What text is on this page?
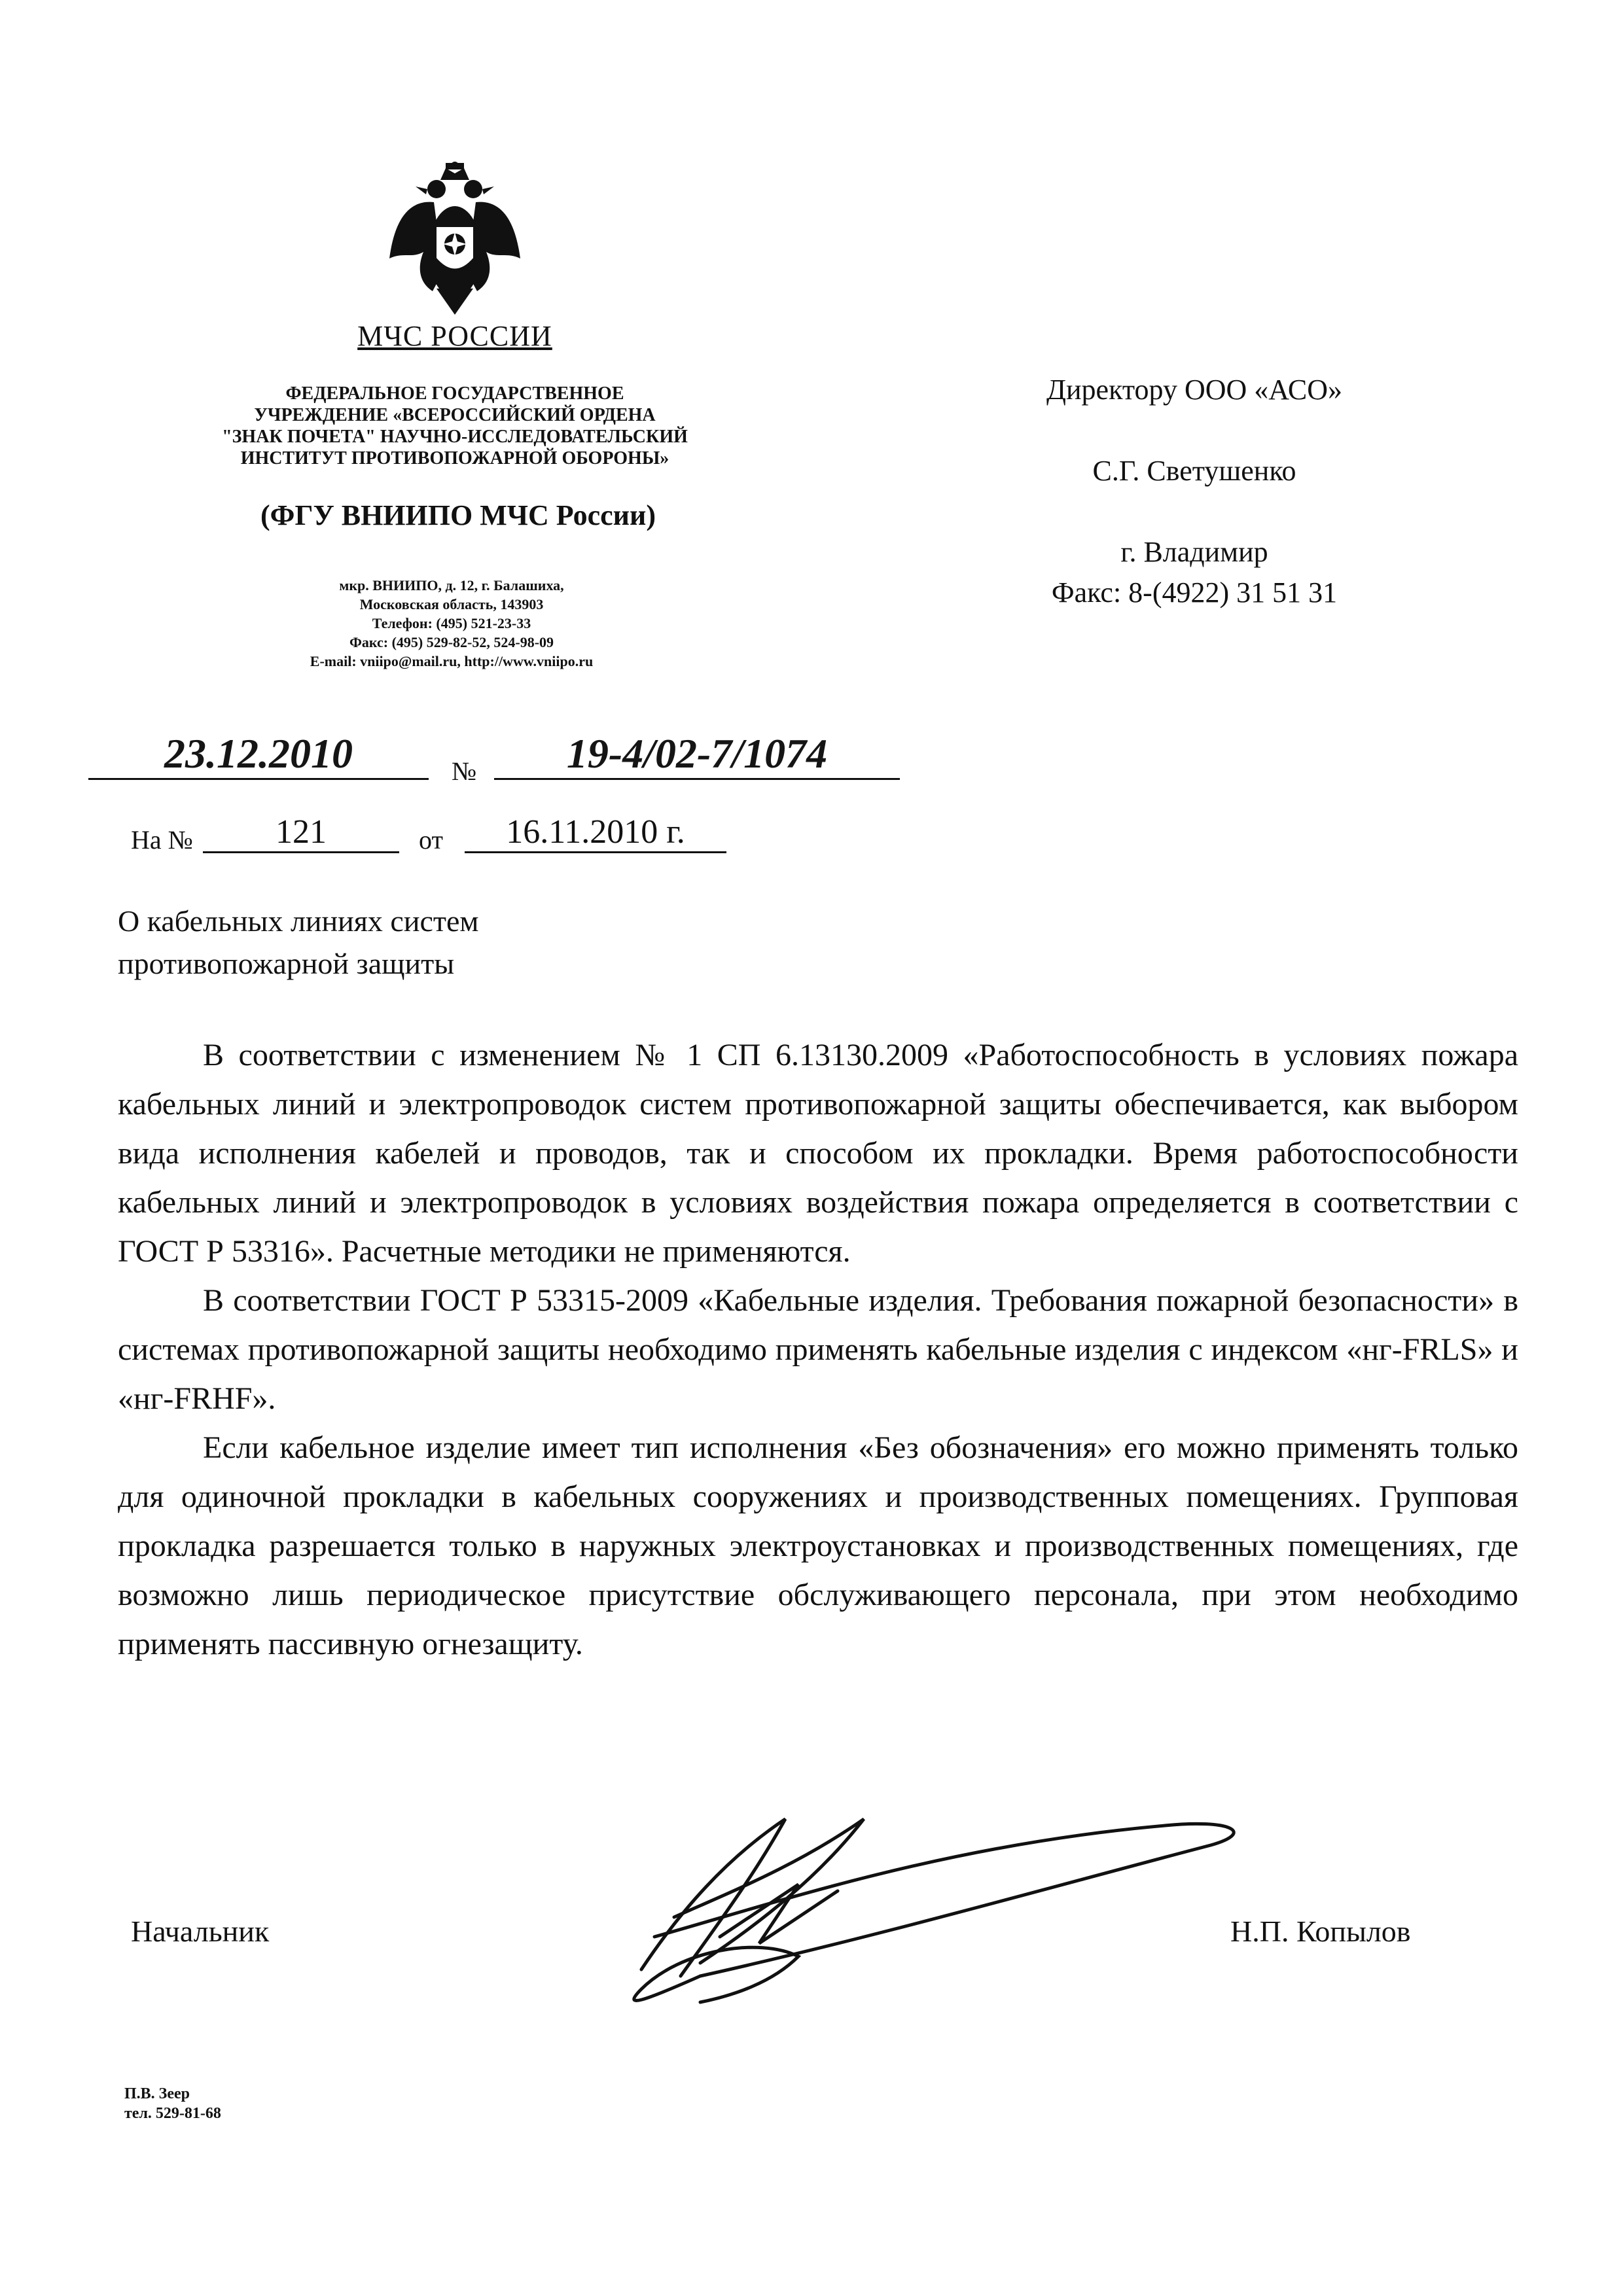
МЧС РОССИИ
ФЕДЕРАЛЬНОЕ ГОСУДАРСТВЕННОЕ
УЧРЕЖДЕНИЕ «ВСЕРОССИЙСКИЙ ОРДЕНА
"ЗНАК ПОЧЕТА" НАУЧНО-ИССЛЕДОВАТЕЛЬСКИЙ
ИНСТИТУТ ПРОТИВОПОЖАРНОЙ ОБОРОНЫ»
(ФГУ ВНИИПО МЧС России)
мкр. ВНИИПО, д. 12, г. Балашиха,
Московская область, 143903
Телефон: (495) 521-23-33
Факс: (495) 529-82-52, 524-98-09
E-mail: vniipo@mail.ru, http://www.vniipo.ru
Директору ООО «АСО»
С.Г. Светушенко
г. Владимир
Факс: 8-(4922) 31 51 31
23.12.2010	№	19-4/02-7/1074
На №	121	от	16.11.2010 г.
О кабельных линиях систем
противопожарной защиты

В соответствии с изменением № 1 СП 6.13130.2009 «Работоспособность в условиях пожара кабельных линий и электропроводок систем противопожарной защиты обеспечивается, как выбором вида исполнения кабелей и проводов, так и способом их прокладки. Время работоспособности кабельных линий и электропроводок в условиях воздействия пожара определяется в соответствии с ГОСТ Р 53316». Расчетные методики не применяются.

В соответствии ГОСТ Р 53315-2009 «Кабельные изделия. Требования пожарной безопасности» в системах противопожарной защиты необходимо применять кабельные изделия с индексом «нг-FRLS» и «нг-FRHF».

Если кабельное изделие имеет тип исполнения «Без обозначения» его можно применять только для одиночной прокладки в кабельных сооружениях и производственных помещениях. Групповая прокладка разрешается только в наружных электроустановках и производственных помещениях, где возможно лишь периодическое присутствие обслуживающего персонала, при этом необходимо применять пассивную огнезащиту.

Начальник	Н.П. Копылов
П.В. Зеер
тел. 529-81-68
